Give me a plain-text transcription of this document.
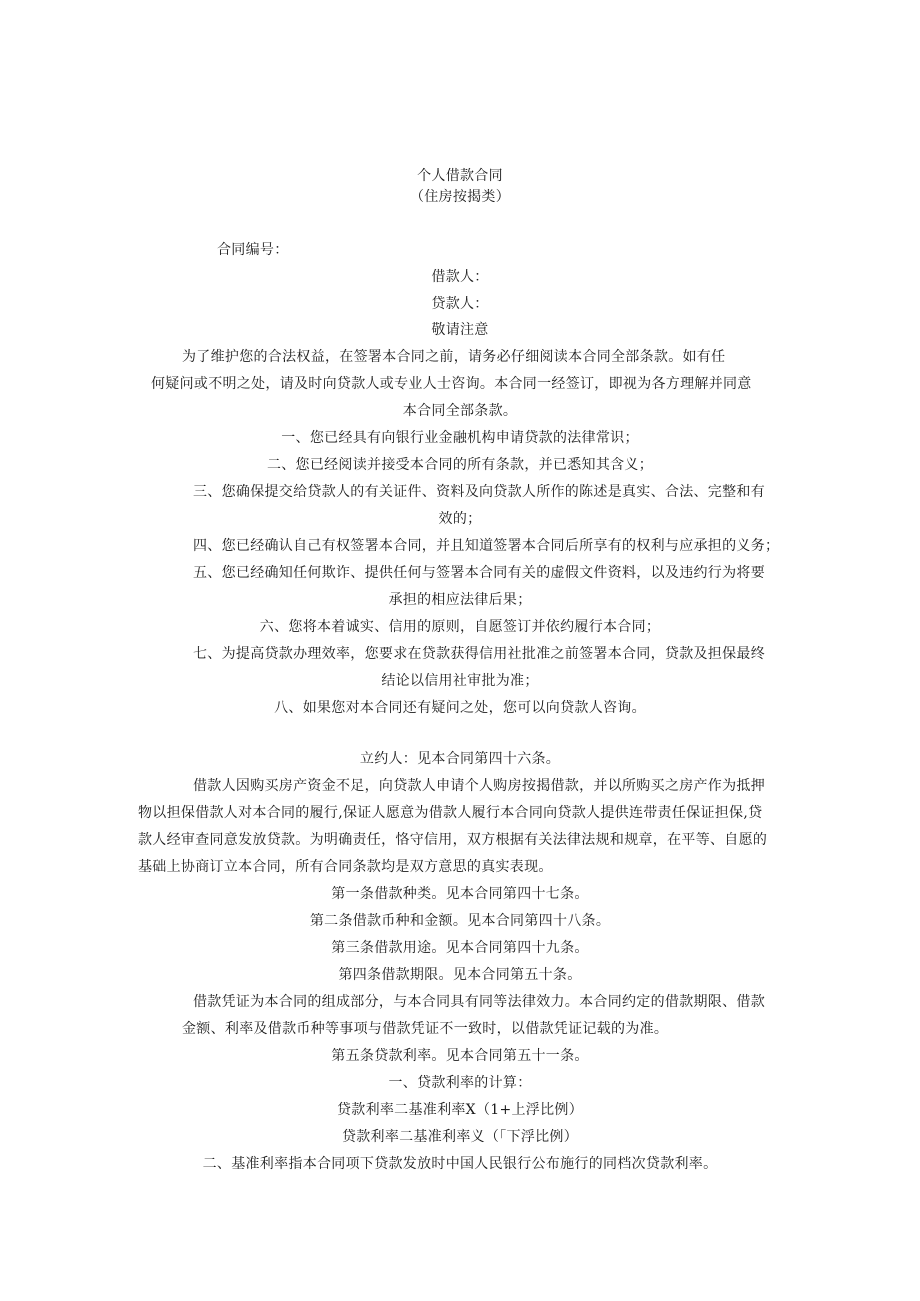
个人借款合同
（住房按揭类）
合同编号：
借款人：
贷款人：
敬请注意
为了维护您的合法权益，在签署本合同之前，请务必仔细阅读本合同全部条款。如有任
何疑问或不明之处，请及时向贷款人或专业人士咨询。本合同一经签订，即视为各方理解并同意
本合同全部条款。
一、您已经具有向银行业金融机构申请贷款的法律常识；
二、您已经阅读并接受本合同的所有条款，并已悉知其含义；
三、您确保提交给贷款人的有关证件、资料及向贷款人所作的陈述是真实、合法、完整和有
效的；
四、您已经确认自己有权签署本合同，并且知道签署本合同后所享有的权利与应承担的义务；
五、您已经确知任何欺诈、提供任何与签署本合同有关的虚假文件资料，以及违约行为将要
承担的相应法律后果；
六、您将本着诚实、信用的原则，自愿签订并依约履行本合同；
七、为提高贷款办理效率，您要求在贷款获得信用社批准之前签署本合同，贷款及担保最终
结论以信用社审批为准；
八、如果您对本合同还有疑问之处，您可以向贷款人咨询。
立约人：见本合同第四十六条。
借款人因购买房产资金不足，向贷款人申请个人购房按揭借款，并以所购买之房产作为抵押
物以担保借款人对本合同的履行,保证人愿意为借款人履行本合同向贷款人提供连带责任保证担保,贷
款人经审查同意发放贷款。为明确责任，恪守信用，双方根据有关法律法规和规章，在平等、自愿的
基础上协商订立本合同，所有合同条款均是双方意思的真实表现。
第一条借款种类。见本合同第四十七条。
第二条借款币种和金额。见本合同第四十八条。
第三条借款用途。见本合同第四十九条。
第四条借款期限。见本合同第五十条。
借款凭证为本合同的组成部分，与本合同具有同等法律效力。本合同约定的借款期限、借款
金额、利率及借款币种等事项与借款凭证不一致时，以借款凭证记载的为准。
第五条贷款利率。见本合同第五十一条。
一、贷款利率的计算：
贷款利率二基准利率X（1+上浮比例）
贷款利率二基准利率义（「下浮比例）
二、基准利率指本合同项下贷款发放时中国人民银行公布施行的同档次贷款利率。
